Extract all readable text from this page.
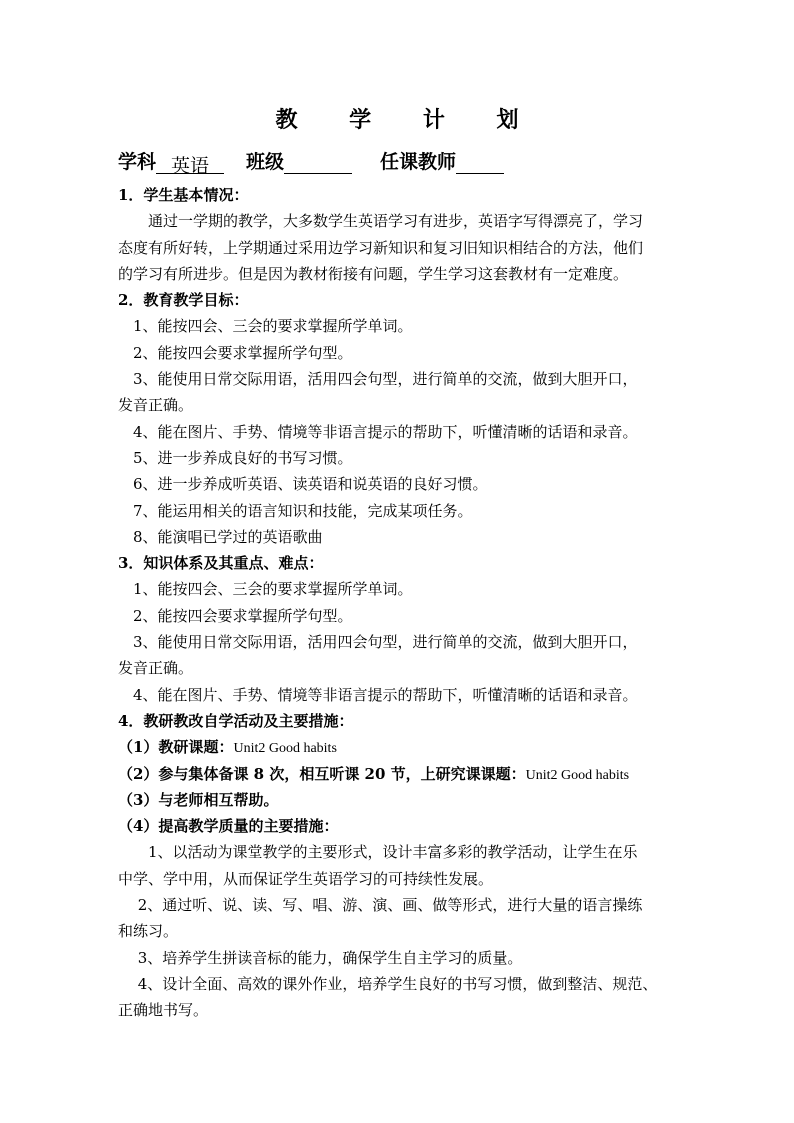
教 学 计 划
学科 英语 班级	任课教师
1．学生基本情况：
　　通过一学期的教学，大多数学生英语学习有进步，英语字写得漂亮了，学习
态度有所好转，上学期通过采用边学习新知识和复习旧知识相结合的方法，他们
的学习有所进步。但是因为教材衔接有问题，学生学习这套教材有一定难度。
2．教育教学目标：
　1、能按四会、三会的要求掌握所学单词。
　2、能按四会要求掌握所学句型。
　3、能使用日常交际用语，活用四会句型，进行简单的交流，做到大胆开口，
发音正确。
　4、能在图片、手势、情境等非语言提示的帮助下，听懂清晰的话语和录音。
　5、进一步养成良好的书写习惯。
　6、进一步养成听英语、读英语和说英语的良好习惯。
　7、能运用相关的语言知识和技能，完成某项任务。
　8、能演唱已学过的英语歌曲
3．知识体系及其重点、难点：
　1、能按四会、三会的要求掌握所学单词。
　2、能按四会要求掌握所学句型。
　3、能使用日常交际用语，活用四会句型，进行简单的交流，做到大胆开口，
发音正确。
　4、能在图片、手势、情境等非语言提示的帮助下，听懂清晰的话语和录音。
4．教研教改自学活动及主要措施：
（1）教研课题：Unit2 Good habits
（2）参与集体备课 8 次，相互听课 20 节，上研究课课题：Unit2 Good habits
（3）与老师相互帮助。
（4）提高教学质量的主要措施：
　　1、以活动为课堂教学的主要形式，设计丰富多彩的教学活动，让学生在乐
中学、学中用，从而保证学生英语学习的可持续性发展。
　 2、通过听、说、读、写、唱、游、演、画、做等形式，进行大量的语言操练
和练习。
　 3、培养学生拼读音标的能力，确保学生自主学习的质量。
　 4、设计全面、高效的课外作业，培养学生良好的书写习惯，做到整洁、规范、
正确地书写。
